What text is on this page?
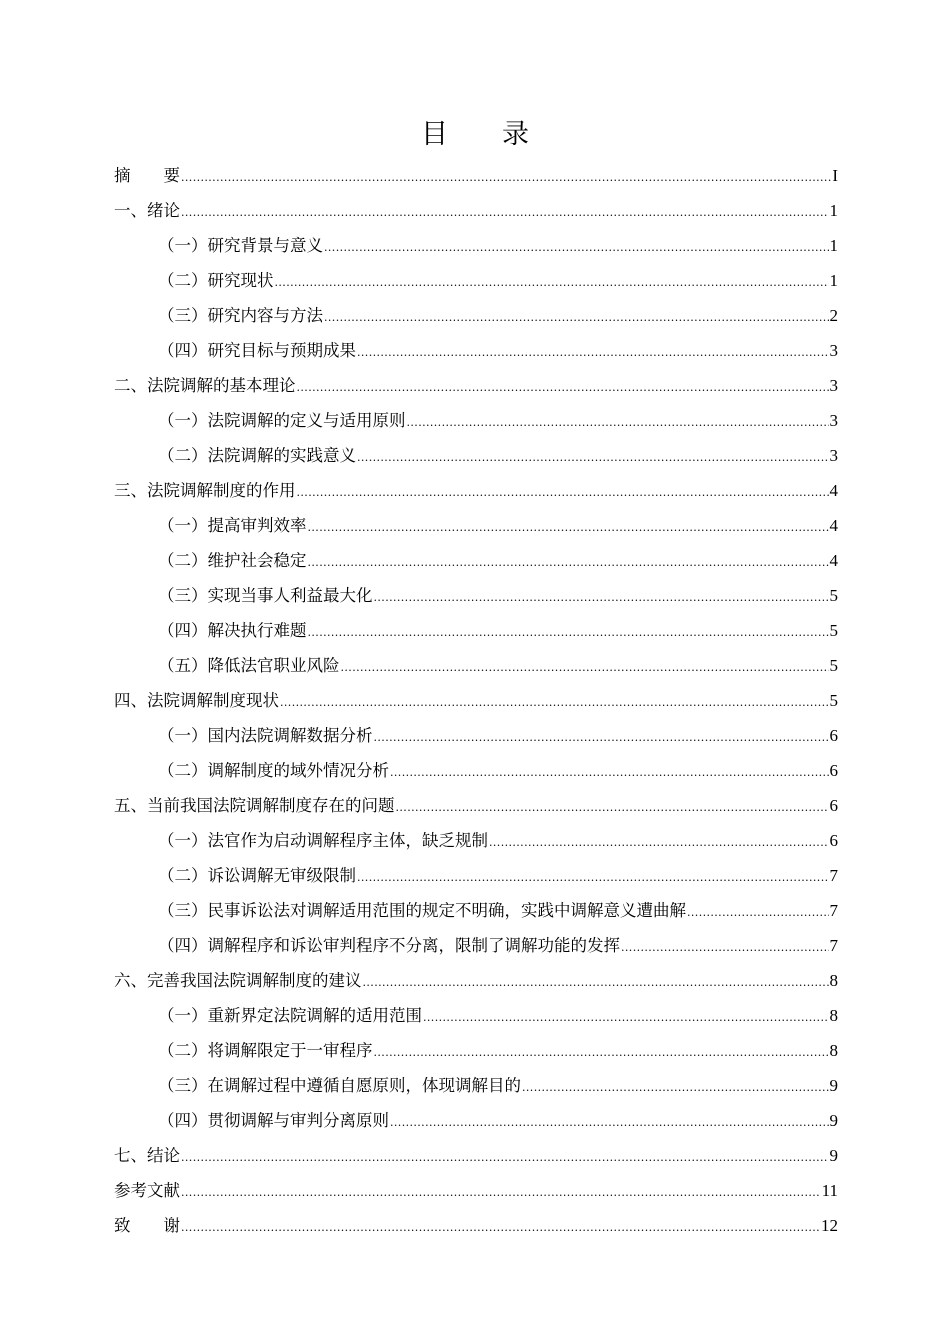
目　　录
摘　　要 .....	I
一、绪论 .....	1
（一）研究背景与意义 .....	1
（二）研究现状 .....	1
（三）研究内容与方法 .....	2
（四）研究目标与预期成果 .....	3
二、法院调解的基本理论 .....	3
（一）法院调解的定义与适用原则 .....	3
（二）法院调解的实践意义 .....	3
三、法院调解制度的作用 .....	4
（一）提高审判效率 .....	4
（二）维护社会稳定 .....	4
（三）实现当事人利益最大化 .....	5
（四）解决执行难题 .....	5
（五）降低法官职业风险 .....	5
四、法院调解制度现状 .....	5
（一）国内法院调解数据分析 .....	6
（二）调解制度的域外情况分析 .....	6
五、当前我国法院调解制度存在的问题 .....	6
（一）法官作为启动调解程序主体，缺乏规制 .....	6
（二）诉讼调解无审级限制 .....	7
（三）民事诉讼法对调解适用范围的规定不明确，实践中调解意义遭曲解 .....	7
（四）调解程序和诉讼审判程序不分离，限制了调解功能的发挥 .....	7
六、完善我国法院调解制度的建议 .....	8
（一）重新界定法院调解的适用范围 .....	8
（二）将调解限定于一审程序 .....	8
（三）在调解过程中遵循自愿原则，体现调解目的 .....	9
（四）贯彻调解与审判分离原则 .....	9
七、结论 .....	9
参考文献 .....	11
致　　谢 .....	12
